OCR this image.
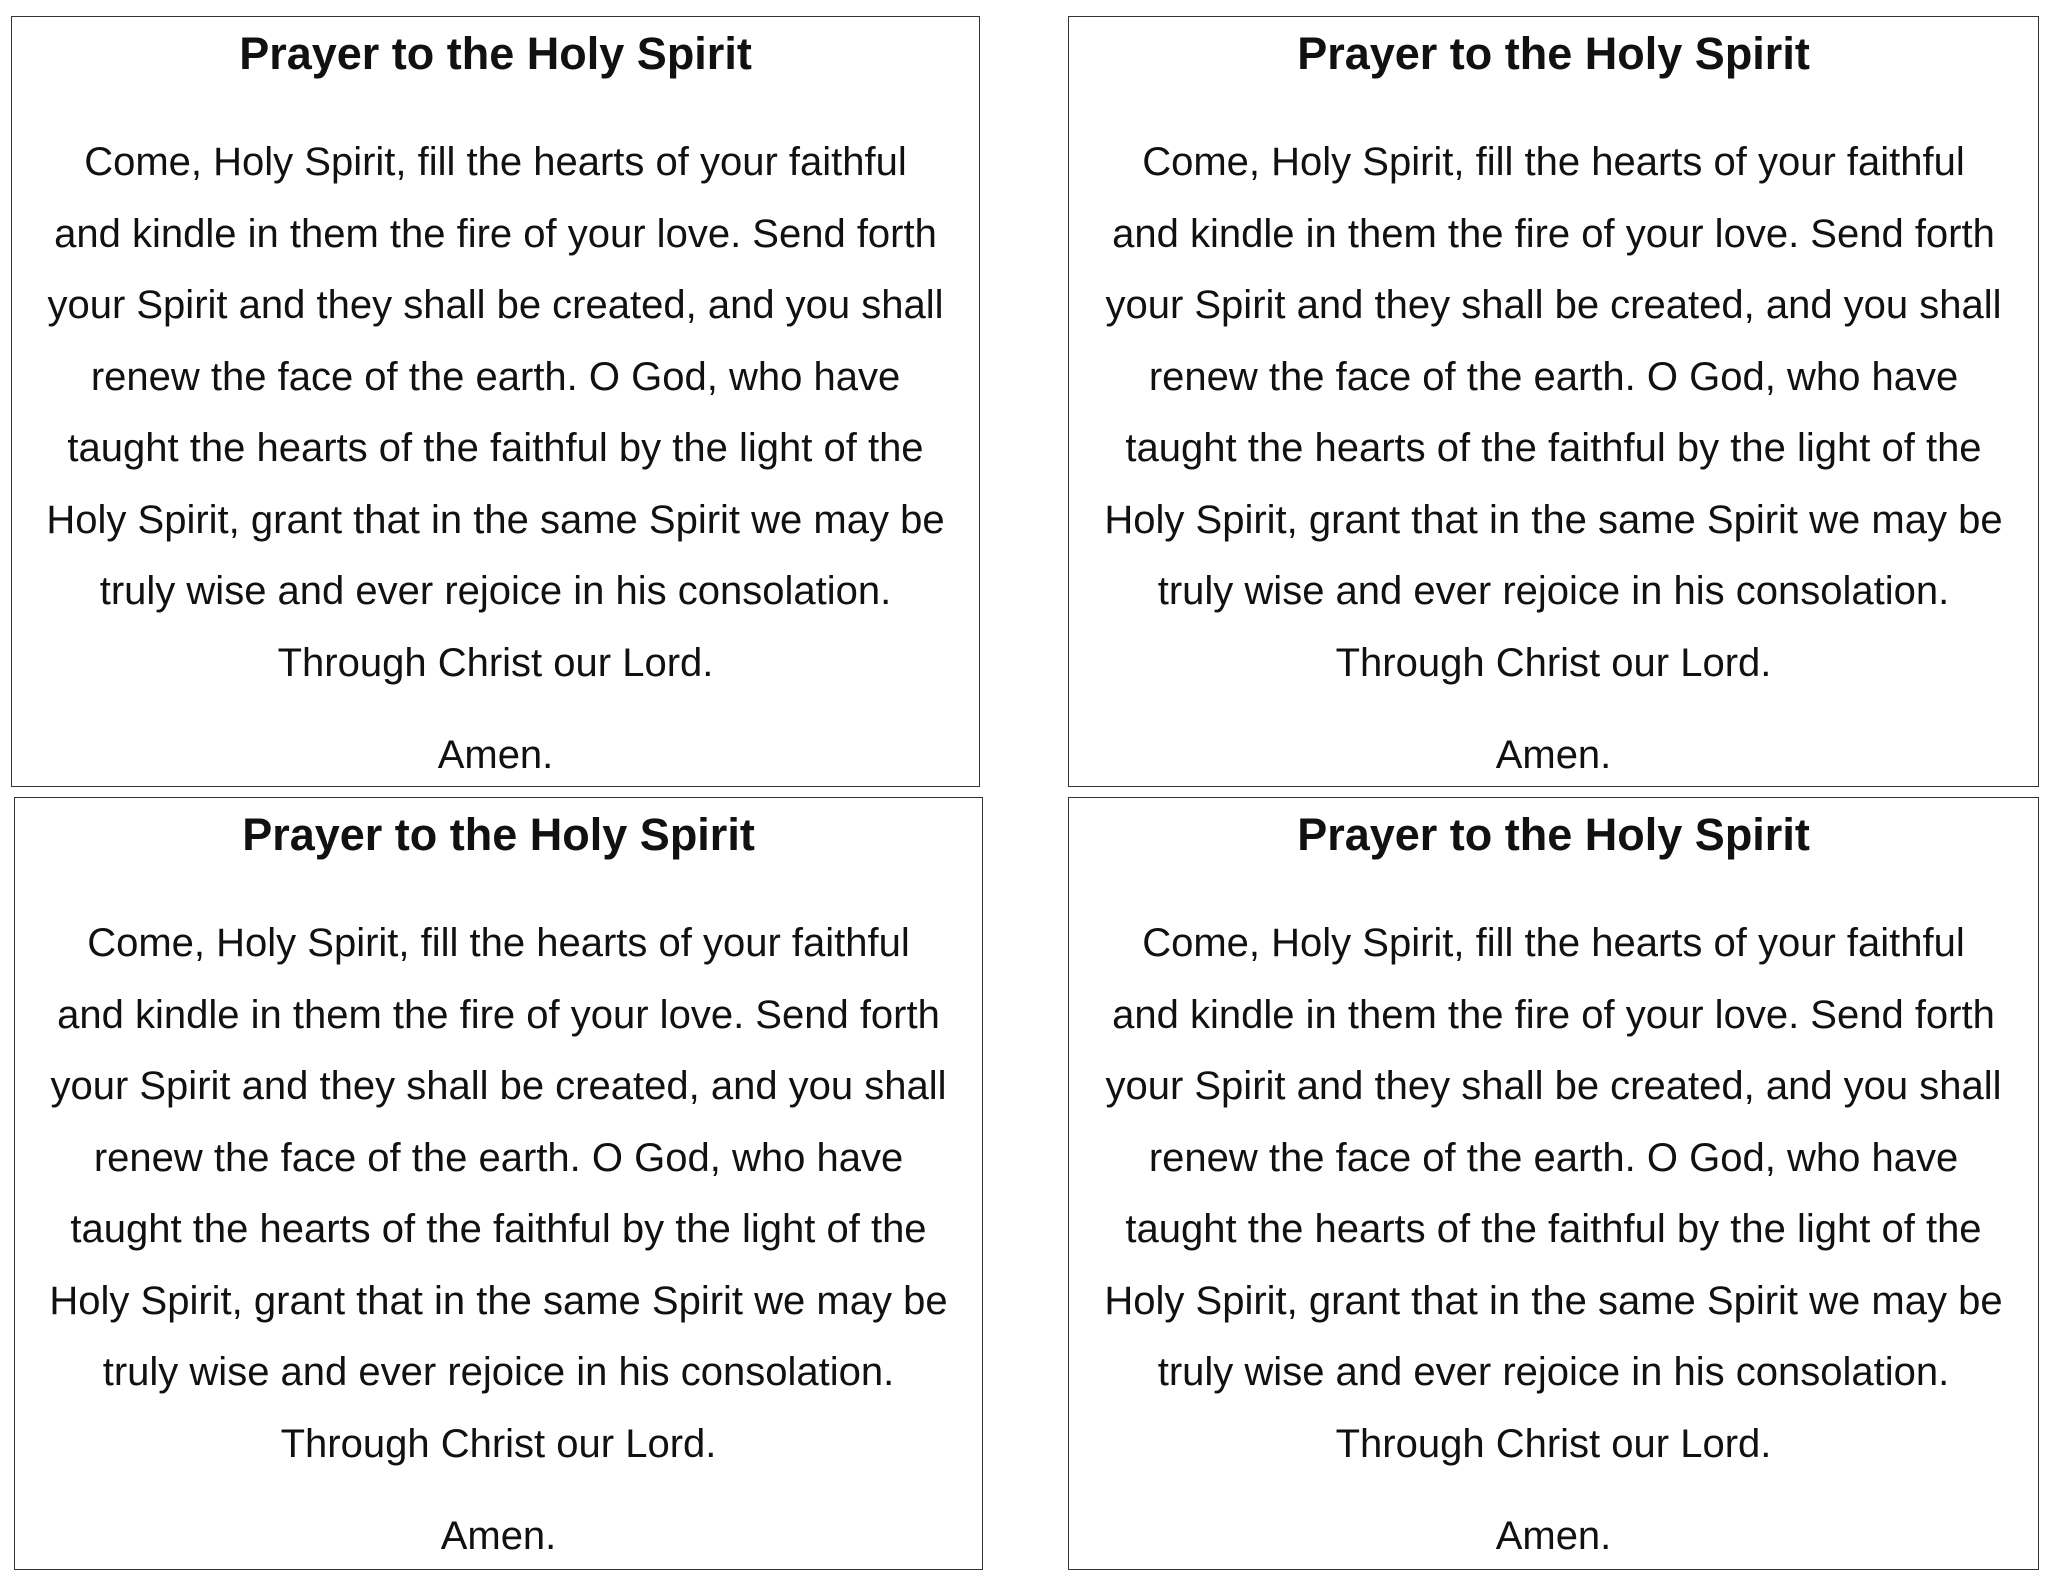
Prayer to the Holy Spirit

Come, Holy Spirit, fill the hearts of your faithful
and kindle in them the fire of your love. Send forth
your Spirit and they shall be created, and you shall
renew the face of the earth. O God, who have
taught the hearts of the faithful by the light of the
Holy Spirit, grant that in the same Spirit we may be
truly wise and ever rejoice in his consolation.
Through Christ our Lord.

Amen.

Prayer to the Holy Spirit

Come, Holy Spirit, fill the hearts of your faithful
and kindle in them the fire of your love. Send forth
your Spirit and they shall be created, and you shall
renew the face of the earth. O God, who have
taught the hearts of the faithful by the light of the
Holy Spirit, grant that in the same Spirit we may be
truly wise and ever rejoice in his consolation.
Through Christ our Lord.

Amen.

Prayer to the Holy Spirit

Come, Holy Spirit, fill the hearts of your faithful
and kindle in them the fire of your love. Send forth
your Spirit and they shall be created, and you shall
renew the face of the earth. O God, who have
taught the hearts of the faithful by the light of the
Holy Spirit, grant that in the same Spirit we may be
truly wise and ever rejoice in his consolation.
Through Christ our Lord.

Amen.

Prayer to the Holy Spirit

Come, Holy Spirit, fill the hearts of your faithful
and kindle in them the fire of your love. Send forth
your Spirit and they shall be created, and you shall
renew the face of the earth. O God, who have
taught the hearts of the faithful by the light of the
Holy Spirit, grant that in the same Spirit we may be
truly wise and ever rejoice in his consolation.
Through Christ our Lord.

Amen.
